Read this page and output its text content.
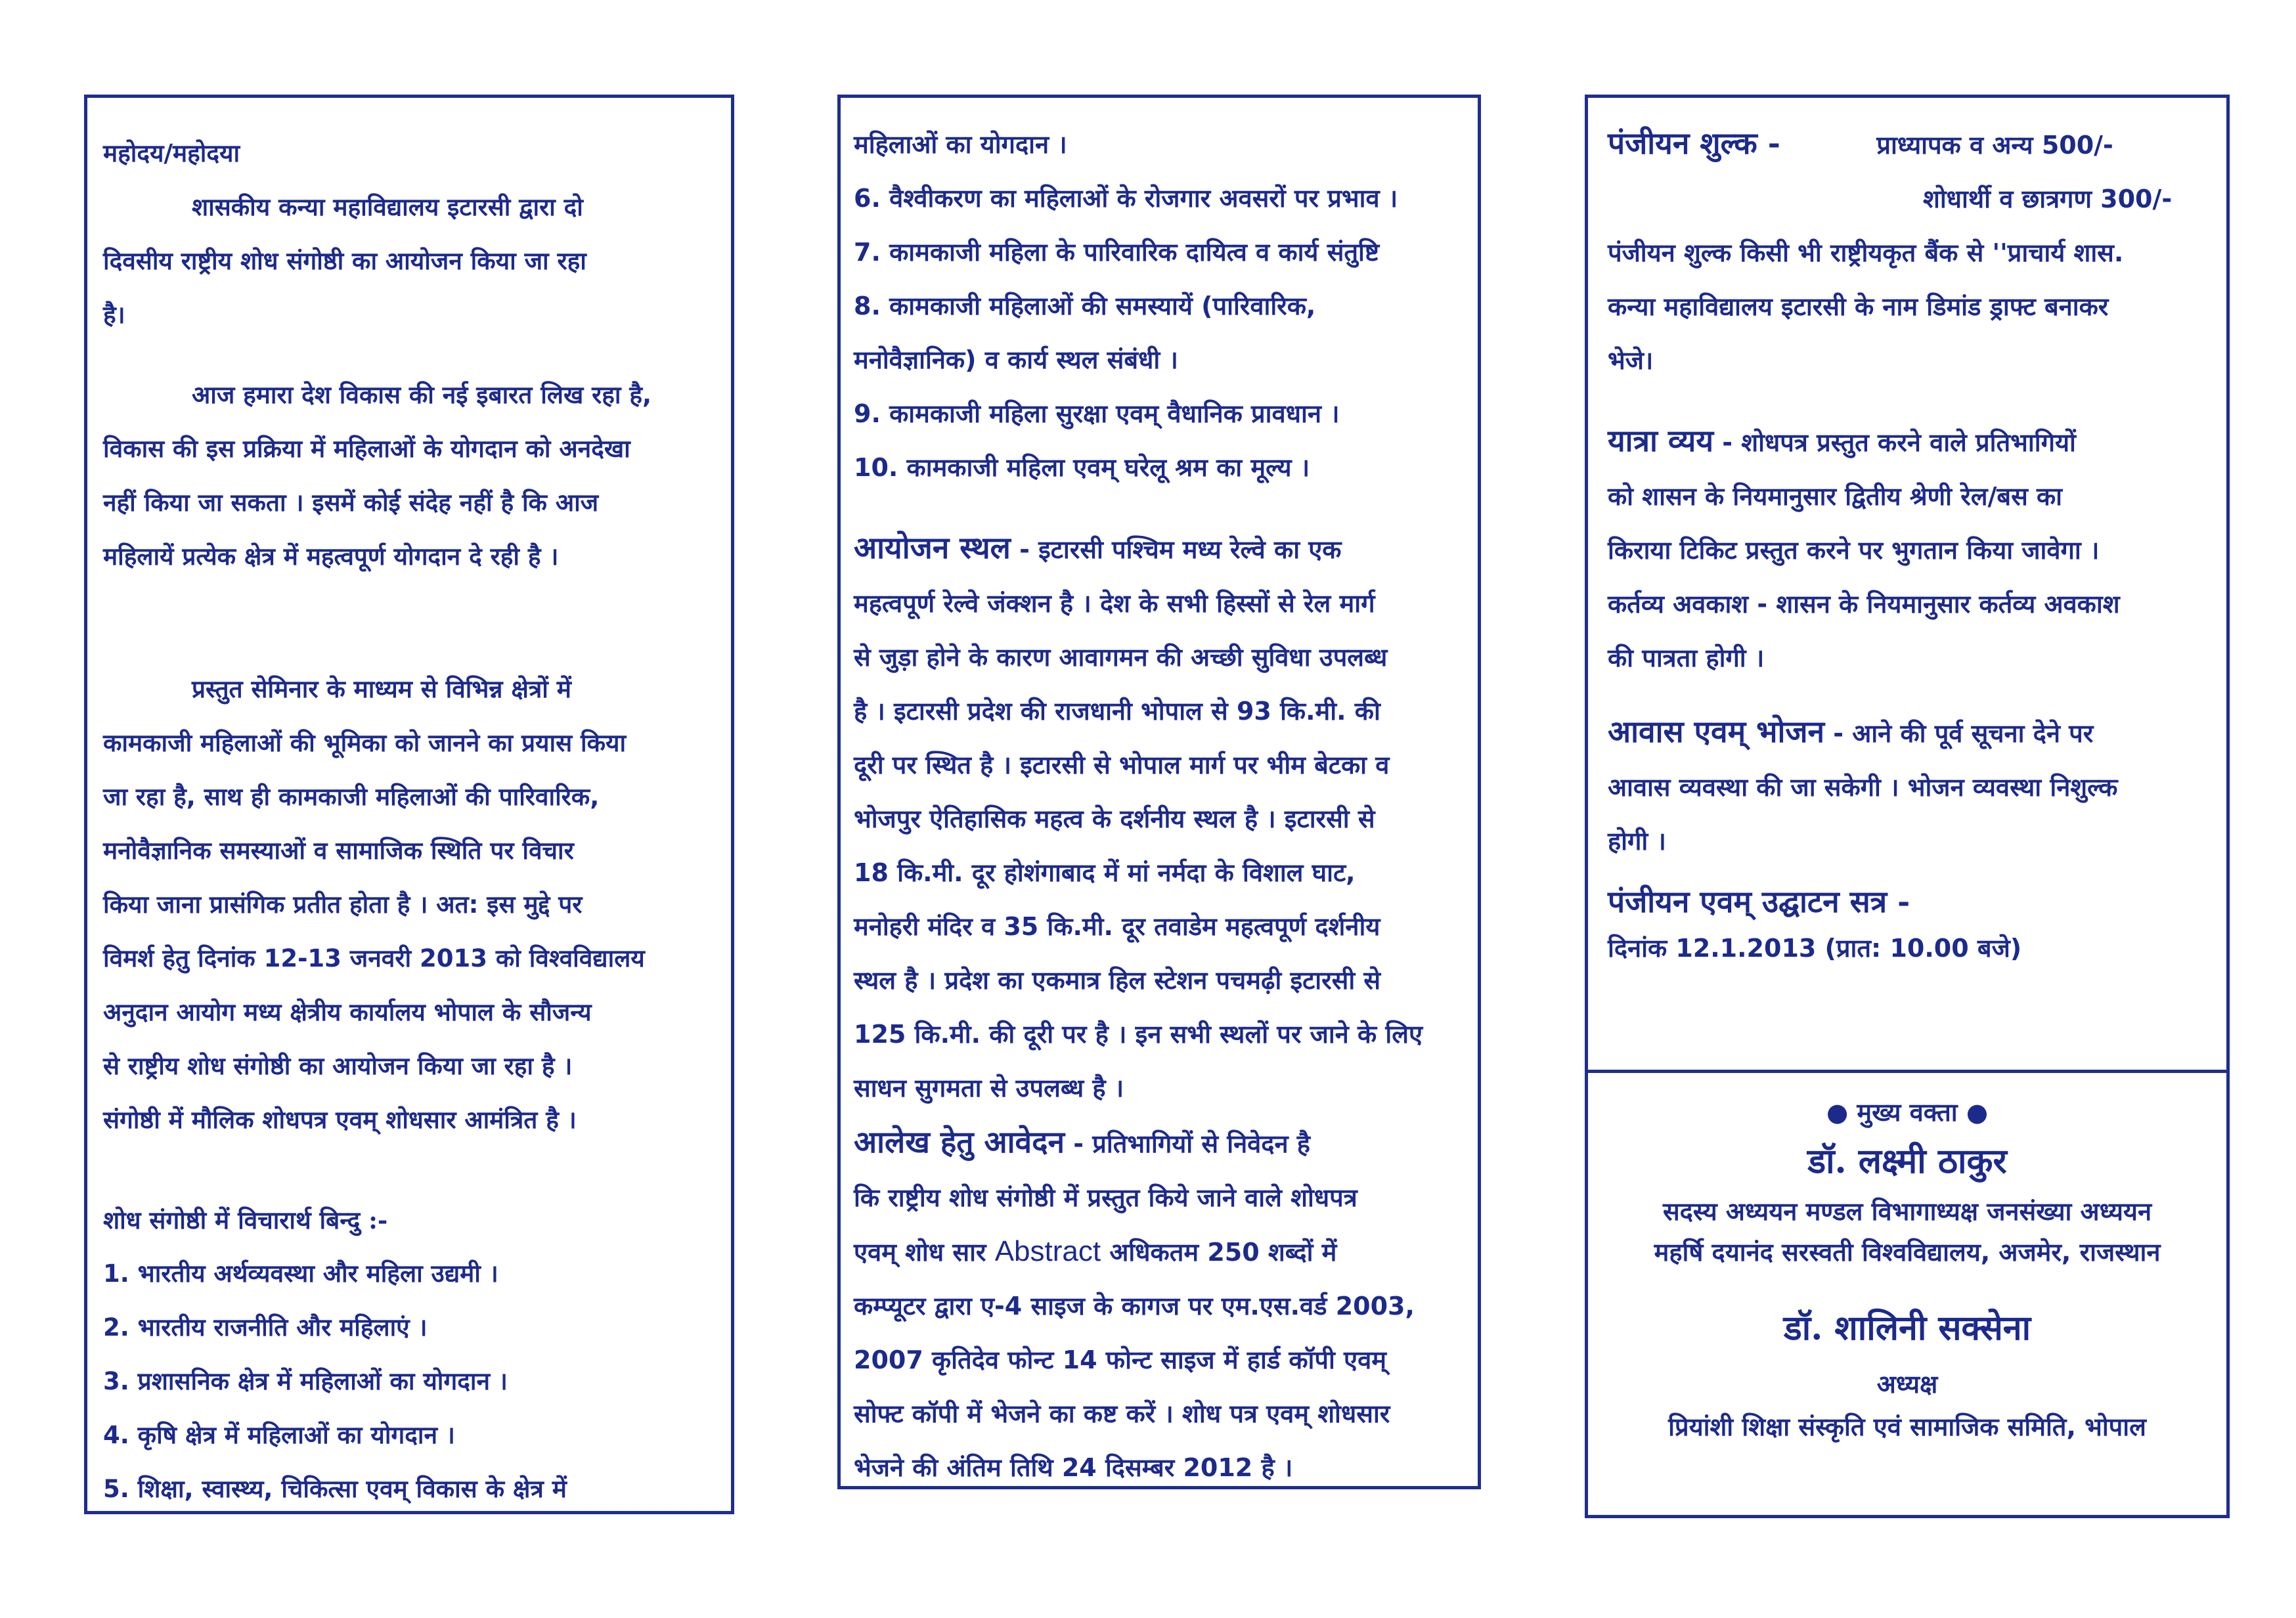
महोदय/महोदया
शासकीय कन्या महाविद्यालय इटारसी द्वारा दो
दिवसीय राष्ट्रीय शोध संगोष्ठी का आयोजन किया जा रहा
है।
आज हमारा देश विकास की नई इबारत लिख रहा है,
विकास की इस प्रक्रिया में महिलाओं के योगदान को अनदेखा
नहीं किया जा सकता । इसमें कोई संदेह नहीं है कि आज
महिलायें प्रत्येक क्षेत्र में महत्वपूर्ण योगदान दे रही है ।
प्रस्तुत सेमिनार के माध्यम से विभिन्न क्षेत्रों में
कामकाजी महिलाओं की भूमिका को जानने का प्रयास किया
जा रहा है, साथ ही कामकाजी महिलाओं की पारिवारिक,
मनोवैज्ञानिक समस्याओं व सामाजिक स्थिति पर विचार
किया जाना प्रासंगिक प्रतीत होता है । अत: इस मुद्दे पर
विमर्श हेतु दिनांक 12-13 जनवरी 2013 को विश्वविद्यालय
अनुदान आयोग मध्य क्षेत्रीय कार्यालय भोपाल के सौजन्य
से राष्ट्रीय शोध संगोष्ठी का आयोजन किया जा रहा है ।
संगोष्ठी में मौलिक शोधपत्र एवम् शोधसार आमंत्रित है ।
शोध संगोष्ठी में विचारार्थ बिन्दु :-
1. भारतीय अर्थव्यवस्था और महिला उद्यमी ।
2. भारतीय राजनीति और महिलाएं ।
3. प्रशासनिक क्षेत्र में महिलाओं का योगदान ।
4. कृषि क्षेत्र में महिलाओं का योगदान ।
5. शिक्षा, स्वास्थ्य, चिकित्सा एवम् विकास के क्षेत्र में
महिलाओं का योगदान ।
6. वैश्वीकरण का महिलाओं के रोजगार अवसरों पर प्रभाव ।
7. कामकाजी महिला के पारिवारिक दायित्व व कार्य संतुष्टि
8. कामकाजी महिलाओं की समस्यायें (पारिवारिक,
मनोवैज्ञानिक) व कार्य स्थल संबंधी ।
9. कामकाजी महिला सुरक्षा एवम् वैधानिक प्रावधान ।
10. कामकाजी महिला एवम् घरेलू श्रम का मूल्य ।
आयोजन स्थल - इटारसी पश्चिम मध्य रेल्वे का एक
महत्वपूर्ण रेल्वे जंक्शन है । देश के सभी हिस्सों से रेल मार्ग
से जुड़ा होने के कारण आवागमन की अच्छी सुविधा उपलब्ध
है । इटारसी प्रदेश की राजधानी भोपाल से 93 कि.मी. की
दूरी पर स्थित है । इटारसी से भोपाल मार्ग पर भीम बेटका व
भोजपुर ऐतिहासिक महत्व के दर्शनीय स्थल है । इटारसी से
18 कि.मी. दूर होशंगाबाद में मां नर्मदा के विशाल घाट,
मनोहरी मंदिर व 35 कि.मी. दूर तवाडेम महत्वपूर्ण दर्शनीय
स्थल है । प्रदेश का एकमात्र हिल स्टेशन पचमढ़ी इटारसी से
125 कि.मी. की दूरी पर है । इन सभी स्थलों पर जाने के लिए
साधन सुगमता से उपलब्ध है ।
आलेख हेतु आवेदन - प्रतिभागियों से निवेदन है
कि राष्ट्रीय शोध संगोष्ठी में प्रस्तुत किये जाने वाले शोधपत्र
एवम् शोध सार Abstract अधिकतम 250 शब्दों में
कम्प्यूटर द्वारा ए-4 साइज के कागज पर एम.एस.वर्ड 2003,
2007 कृतिदेव फोन्ट 14 फोन्ट साइज में हार्ड कॉपी एवम्
सोफ्ट कॉपी में भेजने का कष्ट करें । शोध पत्र एवम् शोधसार
भेजने की अंतिम तिथि 24 दिसम्बर 2012 है ।
पंजीयन शुल्क -	प्राध्यापक व अन्य 500/-
शोधार्थी व छात्रगण 300/-
पंजीयन शुल्क किसी भी राष्ट्रीयकृत बैंक से ''प्राचार्य शास.
कन्या महाविद्यालय इटारसी के नाम डिमांड ड्राफ्ट बनाकर
भेजे।
यात्रा व्यय - शोधपत्र प्रस्तुत करने वाले प्रतिभागियों
को शासन के नियमानुसार द्वितीय श्रेणी रेल/बस का
किराया टिकिट प्रस्तुत करने पर भुगतान किया जावेगा ।
कर्तव्य अवकाश - शासन के नियमानुसार कर्तव्य अवकाश
की पात्रता होगी ।
आवास एवम् भोजन - आने की पूर्व सूचना देने पर
आवास व्यवस्था की जा सकेगी । भोजन व्यवस्था निशुल्क
होगी ।
पंजीयन एवम् उद्घाटन सत्र -
दिनांक 12.1.2013 (प्रात: 10.00 बजे)
● मुख्य वक्ता ●
डॉ. लक्ष्मी ठाकुर
सदस्य अध्ययन मण्डल विभागाध्यक्ष जनसंख्या अध्ययन
महर्षि दयानंद सरस्वती विश्वविद्यालय, अजमेर, राजस्थान
डॉ. शालिनी सक्सेना
अध्यक्ष
प्रियांशी शिक्षा संस्कृति एवं सामाजिक समिति, भोपाल
